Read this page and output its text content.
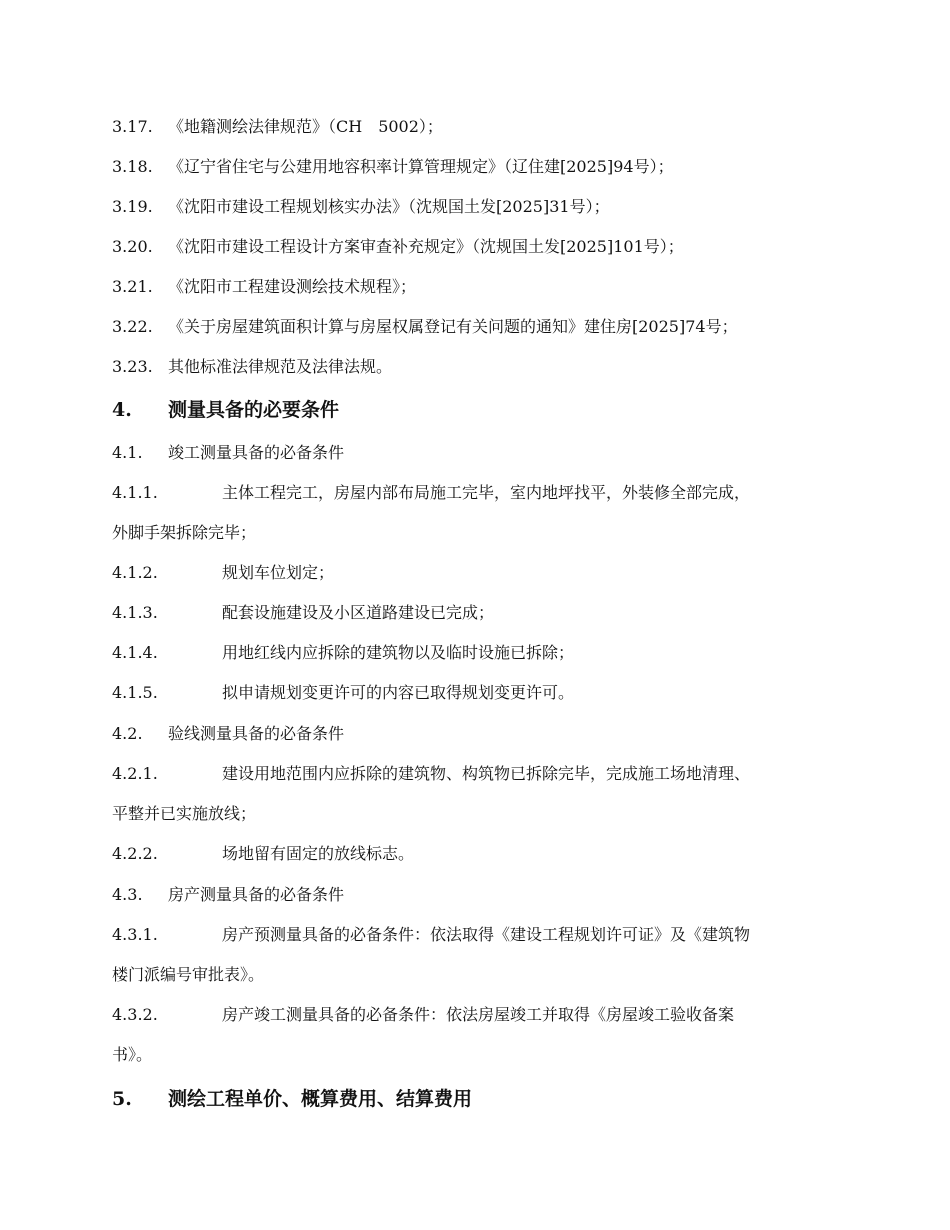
3.17. 《地籍测绘法律规范》（CH　5002）；
3.18. 《辽宁省住宅与公建用地容积率计算管理规定》（辽住建[2025]94号）；
3.19. 《沈阳市建设工程规划核实办法》（沈规国土发[2025]31号）；
3.20. 《沈阳市建设工程设计方案审查补充规定》（沈规国土发[2025]101号）；
3.21. 《沈阳市工程建设测绘技术规程》；
3.22. 《关于房屋建筑面积计算与房屋权属登记有关问题的通知》建住房[2025]74号；
3.23. 其他标准法律规范及法律法规。
4. 测量具备的必要条件
4.1. 竣工测量具备的必备条件
4.1.1.	主体工程完工，房屋内部布局施工完毕，室内地坪找平，外装修全部完成，
外脚手架拆除完毕；
4.1.2.	规划车位划定；
4.1.3.	配套设施建设及小区道路建设已完成；
4.1.4.	用地红线内应拆除的建筑物以及临时设施已拆除；
4.1.5.	拟申请规划变更许可的内容已取得规划变更许可。
4.2. 验线测量具备的必备条件
4.2.1.	建设用地范围内应拆除的建筑物、构筑物已拆除完毕，完成施工场地清理、
平整并已实施放线；
4.2.2.	场地留有固定的放线标志。
4.3. 房产测量具备的必备条件
4.3.1.	房产预测量具备的必备条件：依法取得《建设工程规划许可证》及《建筑物
楼门派编号审批表》。
4.3.2.	房产竣工测量具备的必备条件：依法房屋竣工并取得《房屋竣工验收备案
书》。
5. 测绘工程单价、概算费用、结算费用
